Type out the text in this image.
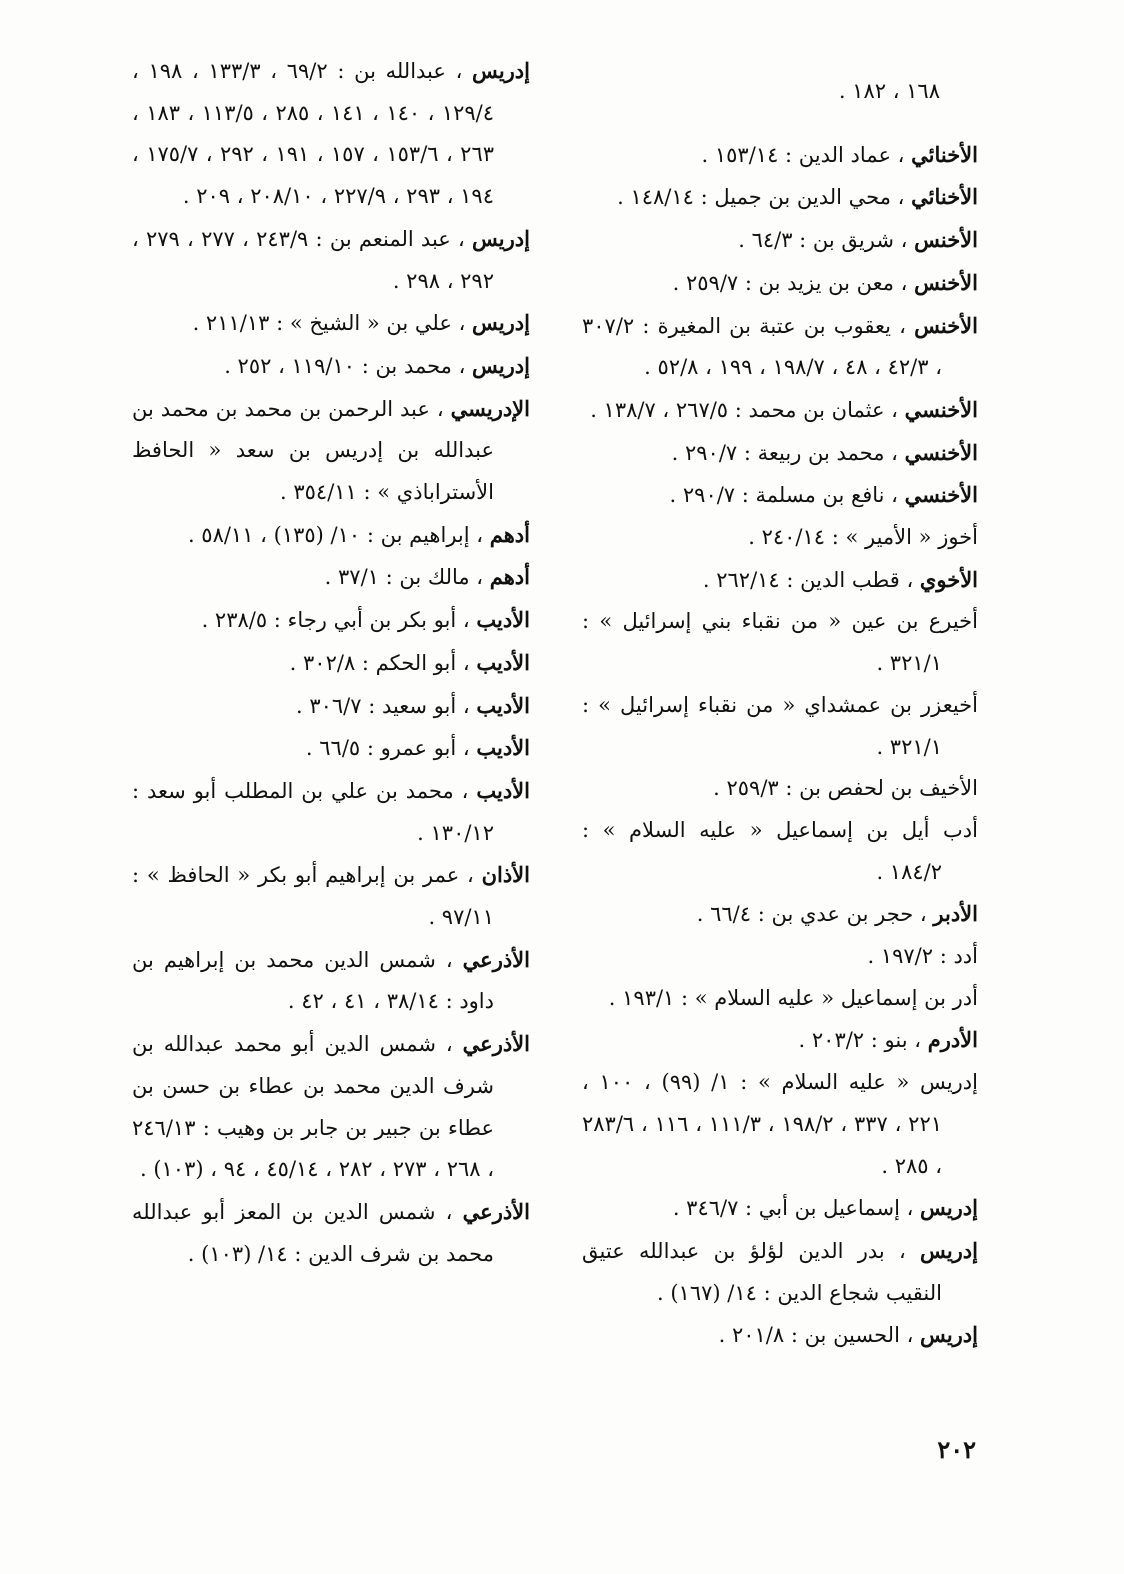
١٦٨ ، ١٨٢ .

الأخنائي ، عماد الدين : ١٥٣/١٤ .

الأخنائي ، محي الدين بن جميل : ١٤٨/١٤ .

الأخنس ، شريق بن : ٦٤/٣ .

الأخنس ، معن بن يزيد بن : ٢٥٩/٧ .

الأخنس ، يعقوب بن عتبة بن المغيرة : ٣٠٧/٢ ، ٤٢/٣ ، ٤٨ ، ١٩٨/٧ ، ١٩٩ ، ٥٢/٨ .

الأخنسي ، عثمان بن محمد : ٢٦٧/٥ ، ١٣٨/٧ .

الأخنسي ، محمد بن ربيعة : ٢٩٠/٧ .

الأخنسي ، نافع بن مسلمة : ٢٩٠/٧ .

أخوز « الأمير » : ٢٤٠/١٤ .

الأخوي ، قطب الدين : ٢٦٢/١٤ .

أخيرع بن عين « من نقباء بني إسرائيل » : ٣٢١/١ .

أخيعزر بن عمشداي « من نقباء إسرائيل » : ٣٢١/١ .

الأخيف بن لحفص بن : ٢٥٩/٣ .

أدب أيل بن إسماعيل « عليه السلام » : ١٨٤/٢ .

الأدبر ، حجر بن عدي بن : ٦٦/٤ .

أدد : ١٩٧/٢ .

أدر بن إسماعيل « عليه السلام » : ١٩٣/١ .

الأدرم ، بنو : ٢٠٣/٢ .

إدريس « عليه السلام » : ١/ (٩٩) ، ١٠٠ ، ٢٢١ ، ٣٣٧ ، ١٩٨/٢ ، ١١١/٣ ، ١١٦ ، ٢٨٣/٦ ، ٢٨٥ .

إدريس ، إسماعيل بن أبي : ٣٤٦/٧ .

إدريس ، بدر الدين لؤلؤ بن عبدالله عتيق النقيب شجاع الدين : ١٤/ (١٦٧) .

إدريس ، الحسين بن : ٢٠١/٨ .

إدريس ، عبدالله بن : ٦٩/٢ ، ١٣٣/٣ ، ١٩٨ ، ١٢٩/٤ ، ١٤٠ ، ١٤١ ، ٢٨٥ ، ١١٣/٥ ، ١٨٣ ، ٢٦٣ ، ١٥٣/٦ ، ١٥٧ ، ١٩١ ، ٢٩٢ ، ١٧٥/٧ ، ١٩٤ ، ٢٩٣ ، ٢٢٧/٩ ، ٢٠٨/١٠ ، ٢٠٩ .

إدريس ، عبد المنعم بن : ٢٤٣/٩ ، ٢٧٧ ، ٢٧٩ ، ٢٩٢ ، ٢٩٨ .

إدريس ، علي بن « الشيخ » : ٢١١/١٣ .

إدريس ، محمد بن : ١١٩/١٠ ، ٢٥٢ .

الإدريسي ، عبد الرحمن بن محمد بن محمد بن عبدالله بن إدريس بن سعد « الحافظ الأستراباذي » : ٣٥٤/١١ .

أدهم ، إبراهيم بن : ١٠/ (١٣٥) ، ٥٨/١١ .

أدهم ، مالك بن : ٣٧/١ .

الأديب ، أبو بكر بن أبي رجاء : ٢٣٨/٥ .

الأديب ، أبو الحكم : ٣٠٢/٨ .

الأديب ، أبو سعيد : ٣٠٦/٧ .

الأديب ، أبو عمرو : ٦٦/٥ .

الأديب ، محمد بن علي بن المطلب أبو سعد : ١٣٠/١٢ .

الأذان ، عمر بن إبراهيم أبو بكر « الحافظ » : ٩٧/١١ .

الأذرعي ، شمس الدين محمد بن إبراهيم بن داود : ٣٨/١٤ ، ٤١ ، ٤٢ .

الأذرعي ، شمس الدين أبو محمد عبدالله بن شرف الدين محمد بن عطاء بن حسن بن عطاء بن جبير بن جابر بن وهيب : ٢٤٦/١٣ ، ٢٦٨ ، ٢٧٣ ، ٢٨٢ ، ٤٥/١٤ ، ٩٤ ، (١٠٣) .

الأذرعي ، شمس الدين بن المعز أبو عبدالله محمد بن شرف الدين : ١٤/ (١٠٣) .

٢٠٢
